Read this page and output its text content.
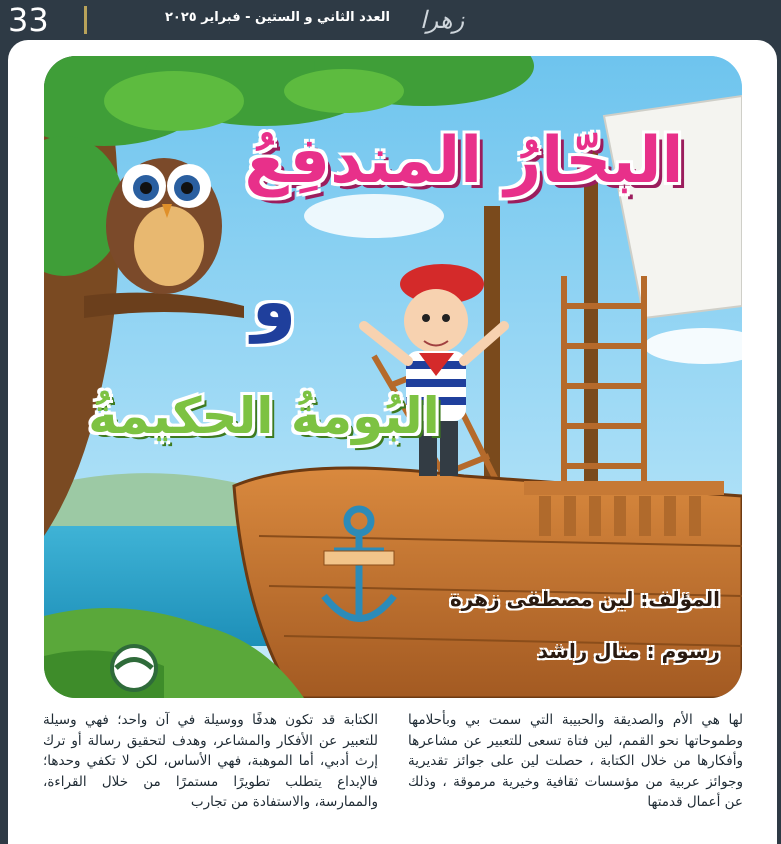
33	العدد الثاني و الستين - فبراير ٢٠٢٥ زهرا
البحّارُ المندفِعُ
و
البُومةُ الحكيمةُ
المؤلف: لين مصطفى زهرة
رسوم : منال راشد
لها هي الأم والصديقة والحبيبة التي سمت بي وبأحلامها وطموحاتها نحو القمم، لين فتاة تسعى للتعبير عن مشاعرها وأفكارها من خلال الكتابة ، حصلت لين على جوائز تقديرية وجوائز عربية من مؤسسات ثقافية وخيرية مرموقة ، وذلك عن أعمال قدمتها
الكتابة قد تكون هدفًا ووسيلة في آن واحد؛ فهي وسيلة للتعبير عن الأفكار والمشاعر، وهدف لتحقيق رسالة أو ترك إرث أدبي، أما الموهبة، فهي الأساس، لكن لا تكفي وحدها؛ فالإبداع يتطلب تطويرًا مستمرًا من خلال القراءة، والممارسة، والاستفادة من تجارب
